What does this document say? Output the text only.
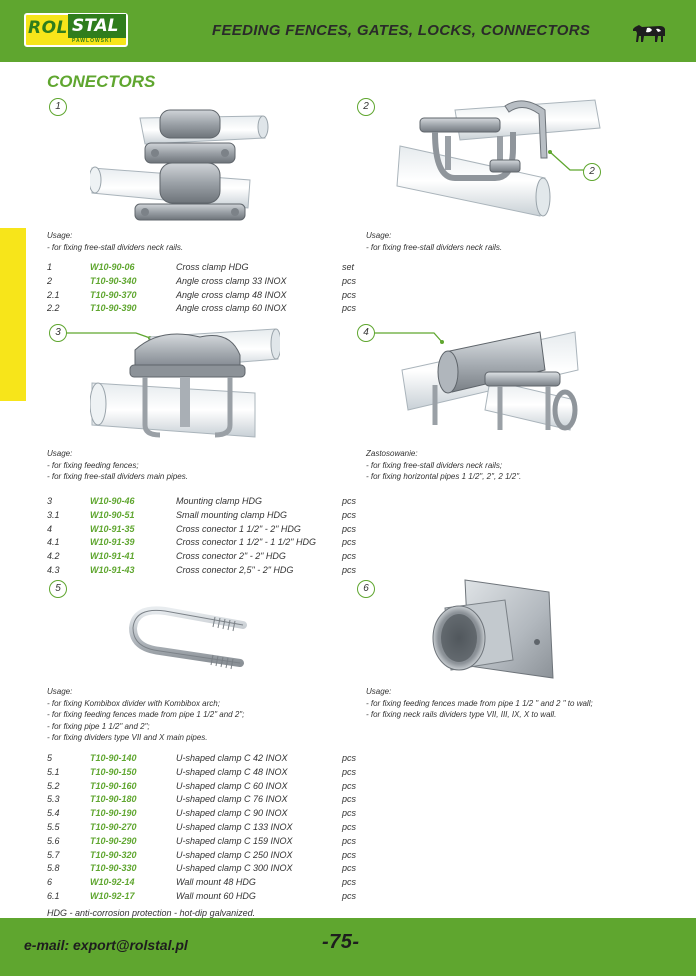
ROL STAL
PAWLOWSKI
FEEDING FENCES, GATES, LOCKS, CONNECTORS
CONECTORS
1
Usage:
- for fixing free-stall dividers neck rails.
2
2
Usage:
- for fixing free-stall dividers neck rails.
1	W10-90-06	Cross clamp HDG	set
2	T10-90-340	Angle cross clamp 33 INOX	pcs
2.1	T10-90-370	Angle cross clamp 48 INOX	pcs
2.2	T10-90-390	Angle cross clamp 60 INOX	pcs
3
Usage:
- for fixing feeding fences;
- for fixing free-stall dividers main pipes.
4
Zastosowanie:
- for fixing free-stall dividers neck rails;
- for fixing horizontal pipes 1 1/2", 2", 2 1/2".
3	W10-90-46	Mounting clamp HDG	pcs
3.1	W10-90-51	Small mounting clamp HDG	pcs
4	W10-91-35	Cross conector 1 1/2" - 2" HDG	pcs
4.1	W10-91-39	Cross conector 1 1/2" - 1 1/2" HDG	pcs
4.2	W10-91-41	Cross conector 2" - 2" HDG	pcs
4.3	W10-91-43	Cross conector 2,5" - 2" HDG	pcs
5
Usage:
- for fixing Kombibox divider with Kombibox arch;
- for fixing feeding fences made from pipe 1 1/2" and 2";
- for fixing pipe 1 1/2" and 2";
- for fixing dividers type VII and X main pipes.
6
Usage:
- for fixing feeding fences made from pipe 1 1/2 " and 2 " to wall;
- for fixing neck rails dividers type VII, III, IX, X to wall.
5	T10-90-140	U-shaped clamp C 42 INOX	pcs
5.1	T10-90-150	U-shaped clamp C 48 INOX	pcs
5.2	T10-90-160	U-shaped clamp C 60 INOX	pcs
5.3	T10-90-180	U-shaped clamp C 76 INOX	pcs
5.4	T10-90-190	U-shaped clamp C 90 INOX	pcs
5.5	T10-90-270	U-shaped clamp C 133 INOX	pcs
5.6	T10-90-290	U-shaped clamp C 159 INOX	pcs
5.7	T10-90-320	U-shaped clamp C 250 INOX	pcs
5.8	T10-90-330	U-shaped clamp C 300 INOX	pcs
6	W10-92-14	Wall mount 48 HDG	pcs
6.1	W10-92-17	Wall mount 60 HDG	pcs
HDG - anti-corrosion protection - hot-dip galvanized.
e-mail: export@rolstal.pl	-75-
